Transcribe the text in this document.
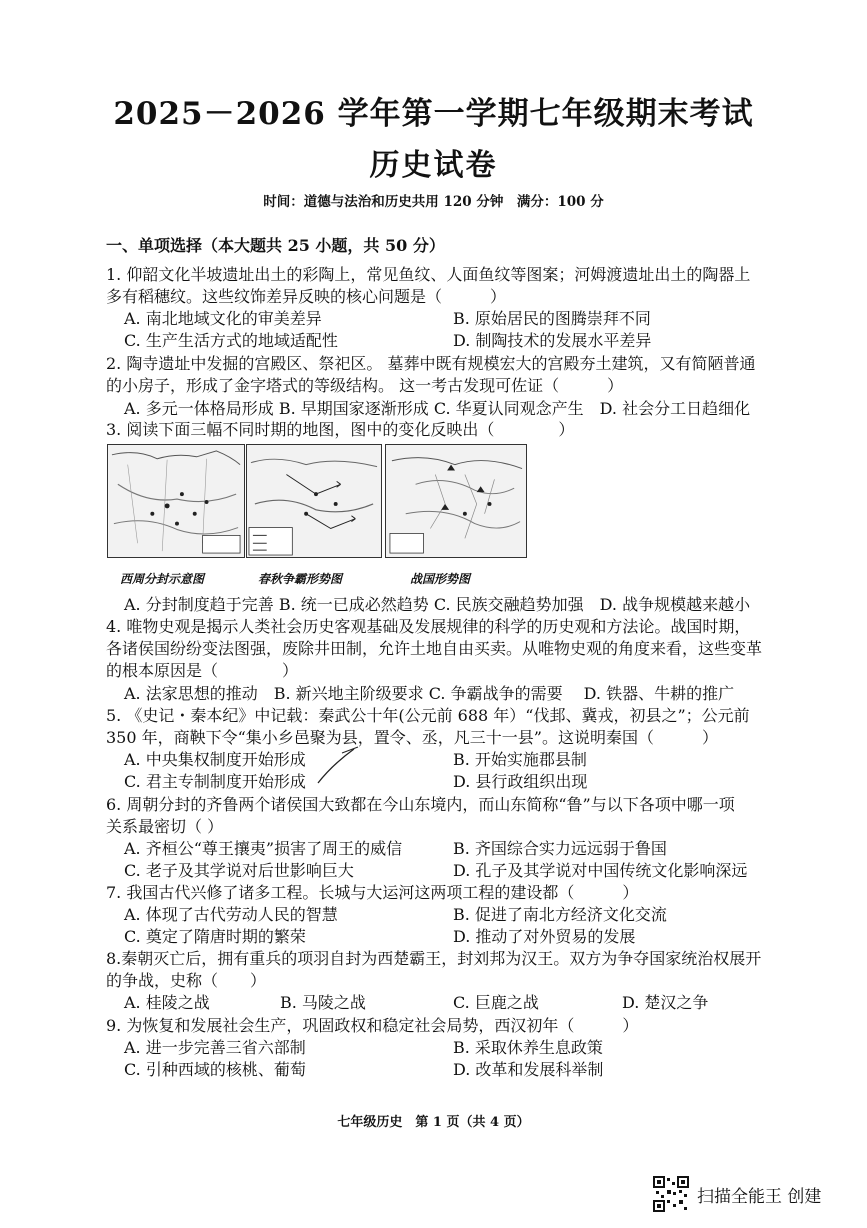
2025－2026 学年第一学期七年级期末考试
历史试卷
时间：道德与法治和历史共用 120 分钟　满分：100 分
一、单项选择（本大题共 25 小题，共 50 分）
1. 仰韶文化半坡遗址出土的彩陶上，常见鱼纹、人面鱼纹等图案；河姆渡遗址出土的陶器上
多有稻穗纹。这些纹饰差异反映的核心问题是（　　　）
A. 南北地域文化的审美差异	B. 原始居民的图腾崇拜不同
C. 生产生活方式的地域适配性	D. 制陶技术的发展水平差异
2. 陶寺遗址中发掘的宫殿区、祭祀区。 墓葬中既有规模宏大的宫殿夯土建筑，又有简陋普通
的小房子，形成了金字塔式的等级结构。 这一考古发现可佐证（　　　）
A. 多元一体格局形成 B. 早期国家逐渐形成 C. 华夏认同观念产生　D. 社会分工日趋细化
3. 阅读下面三幅不同时期的地图，图中的变化反映出（　　　　）
西周分封示意图	春秋争霸形势图	战国形势图
A. 分封制度趋于完善 B. 统一已成必然趋势 C. 民族交融趋势加强　D. 战争规模越来越小
4. 唯物史观是揭示人类社会历史客观基础及发展规律的科学的历史观和方法论。战国时期，
各诸侯国纷纷变法图强，废除井田制，允许土地自由买卖。从唯物史观的角度来看，这些变革
的根本原因是（　　　　）
A. 法家思想的推动　B. 新兴地主阶级要求 C. 争霸战争的需要　 D. 铁器、牛耕的推广
5. 《史记・秦本纪》中记载：秦武公十年(公元前 688 年）“伐邽、冀戎，初县之”；公元前
350 年，商鞅下令“集小乡邑聚为县，置令、丞，凡三十一县”。这说明秦国（　　　）
A. 中央集权制度开始形成	B. 开始实施郡县制
C. 君主专制制度开始形成	D. 县行政组织出现
6. 周朝分封的齐鲁两个诸侯国大致都在今山东境内，而山东简称“鲁”与以下各项中哪一项
关系最密切（ ）
A. 齐桓公“尊王攘夷”损害了周王的威信	B. 齐国综合实力远远弱于鲁国
C. 老子及其学说对后世影响巨大	D. 孔子及其学说对中国传统文化影响深远
7. 我国古代兴修了诸多工程。长城与大运河这两项工程的建设都（　　　）
A. 体现了古代劳动人民的智慧	B. 促进了南北方经济文化交流
C. 奠定了隋唐时期的繁荣	D. 推动了对外贸易的发展
8.秦朝灭亡后，拥有重兵的项羽自封为西楚霸王，封刘邦为汉王。双方为争夺国家统治权展开
的争战，史称（　　）
A. 桂陵之战	B. 马陵之战	C. 巨鹿之战	D. 楚汉之争
9. 为恢复和发展社会生产，巩固政权和稳定社会局势，西汉初年（　　　）
A. 进一步完善三省六部制	B. 采取休养生息政策
C. 引种西域的核桃、葡萄	D. 改革和发展科举制
七年级历史　第 1 页（共 4 页）
扫描全能王 创建
